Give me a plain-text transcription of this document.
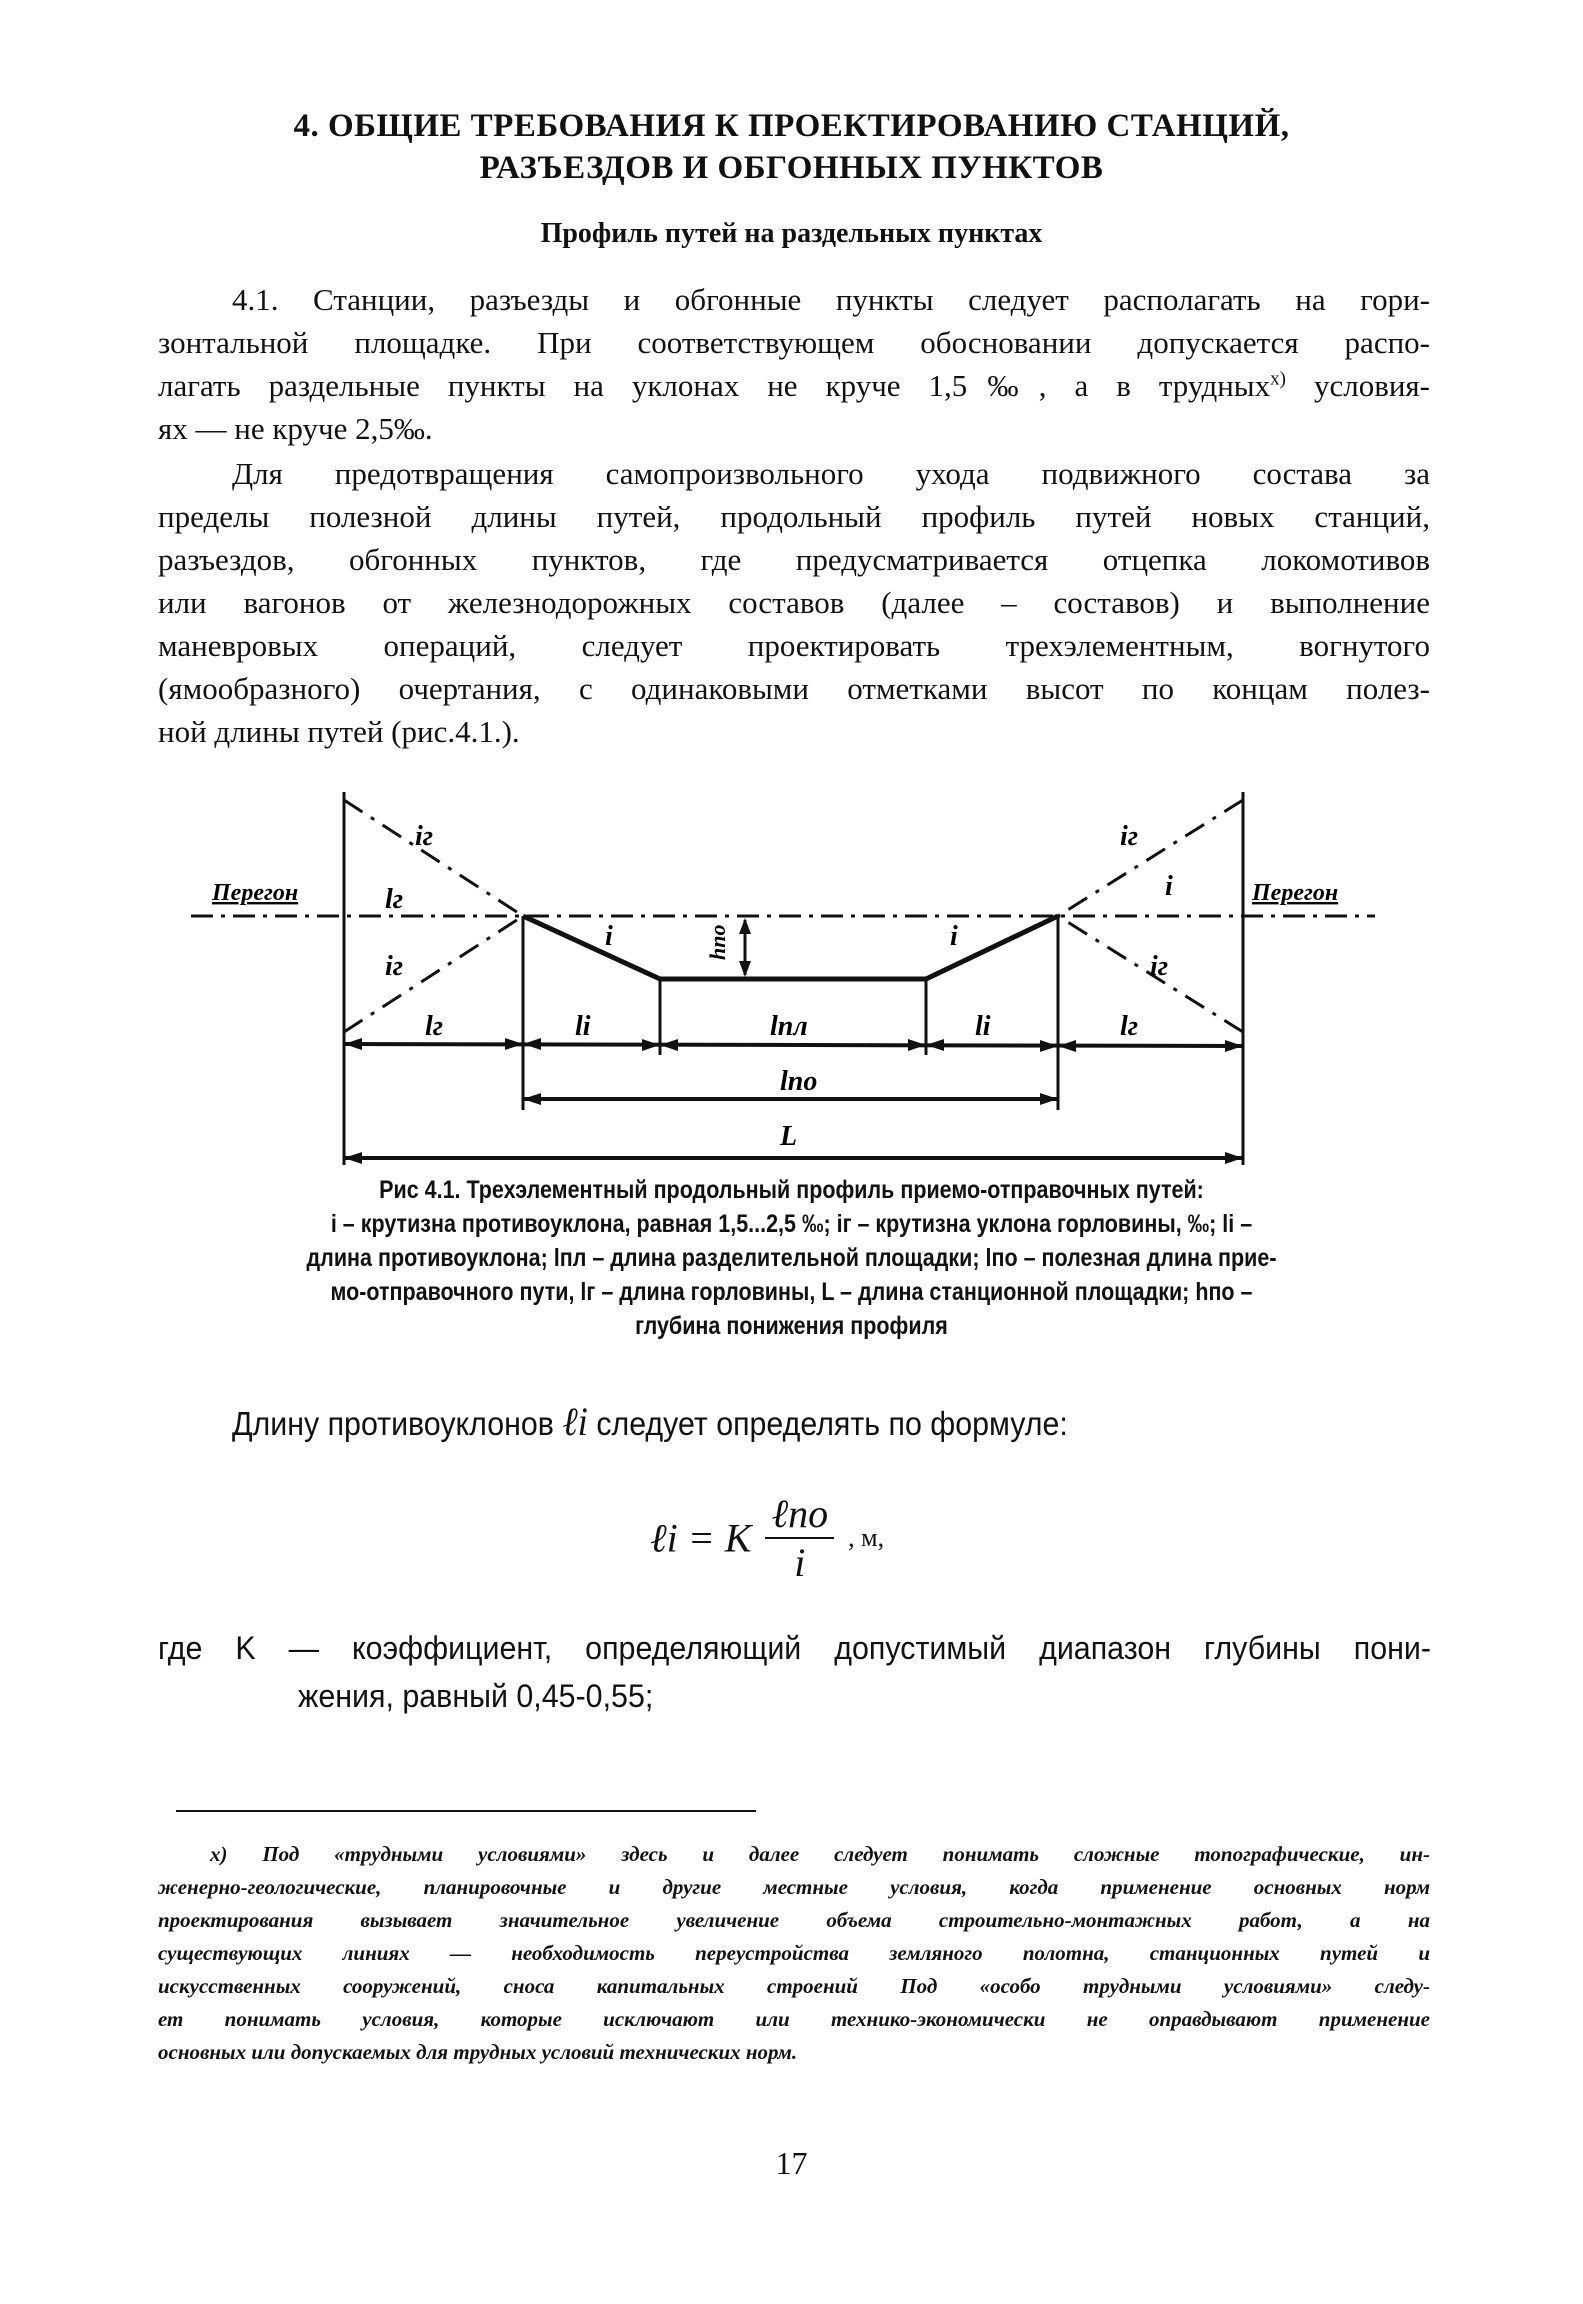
4. ОБЩИЕ ТРЕБОВАНИЯ К ПРОЕКТИРОВАНИЮ СТАНЦИЙ,
РАЗЪЕЗДОВ И ОБГОННЫХ ПУНКТОВ
Профиль путей на раздельных пунктах
4.1. Станции, разъезды и обгонные пункты следует располагать на гори-
зонтальной площадке. При соответствующем обосновании допускается распо-
лагать раздельные пункты на уклонах не круче 1,5‰, а в трудных$^{x)}$ условия-
ях — не круче 2,5‰.
Для предотвращения самопроизвольного ухода подвижного состава за
пределы полезной длины путей, продольный профиль путей новых станций,
разъездов, обгонных пунктов, где предусматривается отцепка локомотивов
или вагонов от железнодорожных составов (далее – составов) и выполнение
маневровых операций, следует проектировать трехэлементным, вогнутого
(ямообразного) очертания, с одинаковыми отметками высот по концам полез-
ной длины путей (рис.4.1.).
Перегон	Перегон
iг
iг
iг
iг
i
i	i
lг
lг	lг
li	li
lпл
lпо
hпо
L
Рис 4.1. Трехэлементный продольный профиль приемо-отправочных путей:
i – крутизна противоуклона, равная 1,5...2,5 ‰; iг – крутизна уклона горловины, ‰; li –
длина противоуклона; lпл – длина разделительной площадки; lпо – полезная длина прие-
мо-отправочного пути, lг – длина горловины, L – длина станционной площадки; hпо –
глубина понижения профиля
Длину противоуклонов ℓi следует определять по формуле:
ℓi = K
ℓпо
i
, м,
где K — коэффициент, определяющий допустимый диапазон глубины пони-
жения, равный 0,45-0,55;
x) Под «трудными условиями» здесь и далее следует понимать сложные топографические, ин-
женерно-геологические, планировочные и другие местные условия, когда применение основных норм
проектирования вызывает значительное увеличение объема строительно-монтажных работ, а на
существующих линиях — необходимость переустройства земляного полотна, станционных путей и
искусственных сооружений, сноса капитальных строений Под «особо трудными условиями» следу-
ет понимать условия, которые исключают или технико-экономически не оправдывают применение
основных или допускаемых для трудных условий технических норм.
17
